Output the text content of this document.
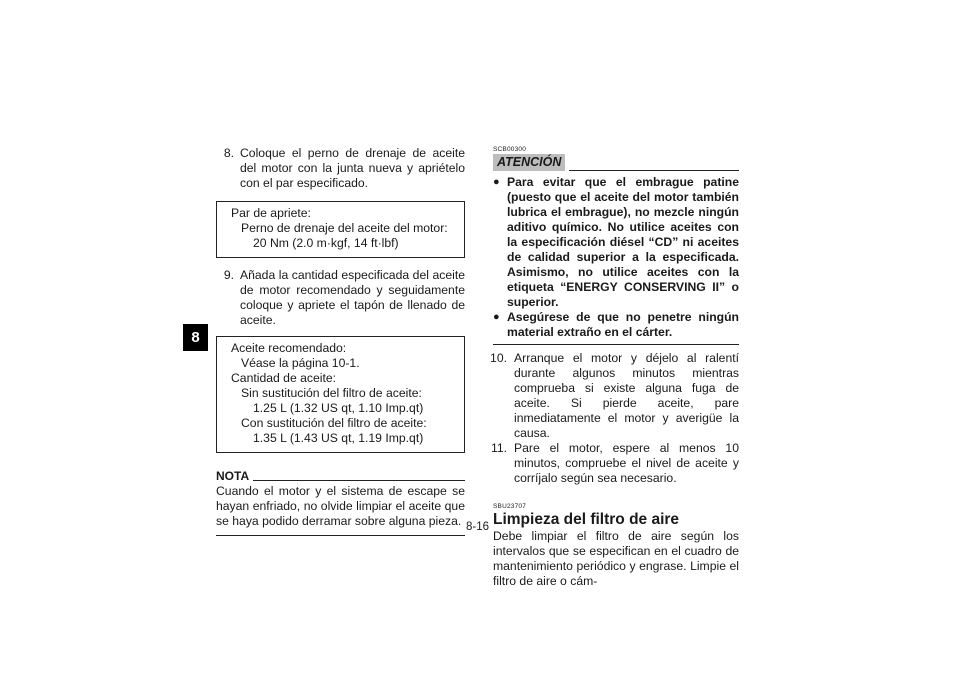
8
8. Coloque el perno de drenaje de aceite del motor con la junta nueva y apriételo con el par especificado.
Par de apriete:
Perno de drenaje del aceite del motor:
20 Nm (2.0 m·kgf, 14 ft·lbf)
9. Añada la cantidad especificada del aceite de motor recomendado y seguidamente coloque y apriete el tapón de llenado de aceite.
Aceite recomendado:
Véase la página 10-1.
Cantidad de aceite:
Sin sustitución del filtro de aceite:
1.25 L (1.32 US qt, 1.10 Imp.qt)
Con sustitución del filtro de aceite:
1.35 L (1.43 US qt, 1.19 Imp.qt)
NOTA
Cuando el motor y el sistema de escape se hayan enfriado, no olvide limpiar el aceite que se haya podido derramar sobre alguna pieza.
SCB00300
ATENCIÓN
● Para evitar que el embrague patine (puesto que el aceite del motor también lubrica el embrague), no mezcle ningún aditivo químico. No utilice aceites con la especificación diésel “CD” ni aceites de calidad superior a la especificada. Asimismo, no utilice aceites con la etiqueta “ENERGY CONSERVING II” o superior.
● Asegúrese de que no penetre ningún material extraño en el cárter.
10. Arranque el motor y déjelo al ralentí durante algunos minutos mientras comprueba si existe alguna fuga de aceite. Si pierde aceite, pare inmediatamente el motor y averigüe la causa.
11. Pare el motor, espere al menos 10 minutos, compruebe el nivel de aceite y corríjalo según sea necesario.
SBU23707
Limpieza del filtro de aire
Debe limpiar el filtro de aire según los intervalos que se especifican en el cuadro de mantenimiento periódico y engrase. Limpie el filtro de aire o cám-
8-16
